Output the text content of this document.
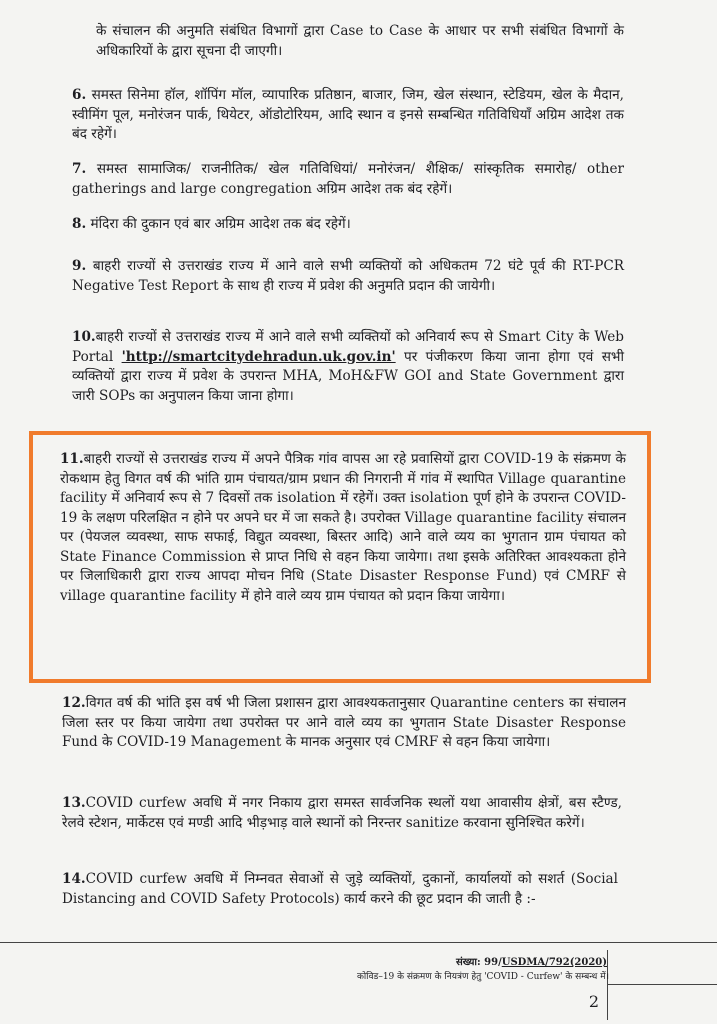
के संचालन की अनुमति संबंधित विभागों द्वारा Case to Case के आधार पर सभी संबंधित विभागों के अधिकारियों के द्वारा सूचना दी जाएगी।

6. समस्त सिनेमा हॉल, शॉपिंग मॉल, व्यापारिक प्रतिष्ठान, बाजार, जिम, खेल संस्थान, स्टेडियम, खेल के मैदान, स्वीमिंग पूल, मनोरंजन पार्क, थियेटर, ऑडोटोरियम, आदि स्थान व इनसे सम्बन्धित गतिविधियाँ अग्रिम आदेश तक बंद रहेगें।

7. समस्त सामाजिक/ राजनीतिक/ खेल गतिविधियां/ मनोरंजन/ शैक्षिक/ सांस्कृतिक समारोह/ other gatherings and large congregation अग्रिम आदेश तक बंद रहेगें।

8. मंदिरा की दुकान एवं बार अग्रिम आदेश तक बंद रहेगें।

9. बाहरी राज्यों से उत्तराखंड राज्य में आने वाले सभी व्यक्तियों को अधिकतम 72 घंटे पूर्व की RT-PCR Negative Test Report के साथ ही राज्य में प्रवेश की अनुमति प्रदान की जायेगी।

10.बाहरी राज्यों से उत्तराखंड राज्य में आने वाले सभी व्यक्तियों को अनिवार्य रूप से Smart City के Web Portal 'http://smartcitydehradun.uk.gov.in' पर पंजीकरण किया जाना होगा एवं सभी व्यक्तियों द्वारा राज्य में प्रवेश के उपरान्त MHA, MoH&FW GOI and State Government द्वारा जारी SOPs का अनुपालन किया जाना होगा।

11.बाहरी राज्यों से उत्तराखंड राज्य में अपने पैत्रिक गांव वापस आ रहे प्रवासियों द्वारा COVID-19 के संक्रमण के रोकथाम हेतु विगत वर्ष की भांति ग्राम पंचायत/ग्राम प्रधान की निगरानी में गांव में स्थापित Village quarantine facility में अनिवार्य रूप से 7 दिवसों तक isolation में रहेगें। उक्त isolation पूर्ण होने के उपरान्त COVID-19 के लक्षण परिलक्षित न होने पर अपने घर में जा सकते है। उपरोक्त Village quarantine facility संचालन पर (पेयजल व्यवस्था, साफ सफाई, विद्युत व्यवस्था, बिस्तर आदि) आने वाले व्यय का भुगतान ग्राम पंचायत को State Finance Commission से प्राप्त निधि से वहन किया जायेगा। तथा इसके अतिरिक्त आवश्यकता होने पर जिलाधिकारी द्वारा राज्य आपदा मोचन निधि (State Disaster Response Fund) एवं CMRF से village quarantine facility में होने वाले व्यय ग्राम पंचायत को प्रदान किया जायेगा।

12.विगत वर्ष की भांति इस वर्ष भी जिला प्रशासन द्वारा आवश्यकतानुसार Quarantine centers का संचालन जिला स्तर पर किया जायेगा तथा उपरोक्त पर आने वाले व्यय का भुगतान State Disaster Response Fund के COVID-19 Management के मानक अनुसार एवं CMRF से वहन किया जायेगा।

13.COVID curfew अवधि में नगर निकाय द्वारा समस्त सार्वजनिक स्थलों यथा आवासीय क्षेत्रों, बस स्टैण्ड, रेलवे स्टेशन, मार्केटस एवं मण्डी आदि भीड़भाड़ वाले स्थानों को निरन्तर sanitize करवाना सुनिश्चित करेगें।

14.COVID curfew अवधि में निम्नवत सेवाओं से जुड़े व्यक्तियों, दुकानों, कार्यालयों को सशर्त (Social Distancing and COVID Safety Protocols) कार्य करने की छूट प्रदान की जाती है :-

संख्या: 99/USDMA/792(2020)
कोविड–19 के संक्रमण के नियत्रंण हेतु 'COVID - Curfew' के सम्बन्ध में।
2
